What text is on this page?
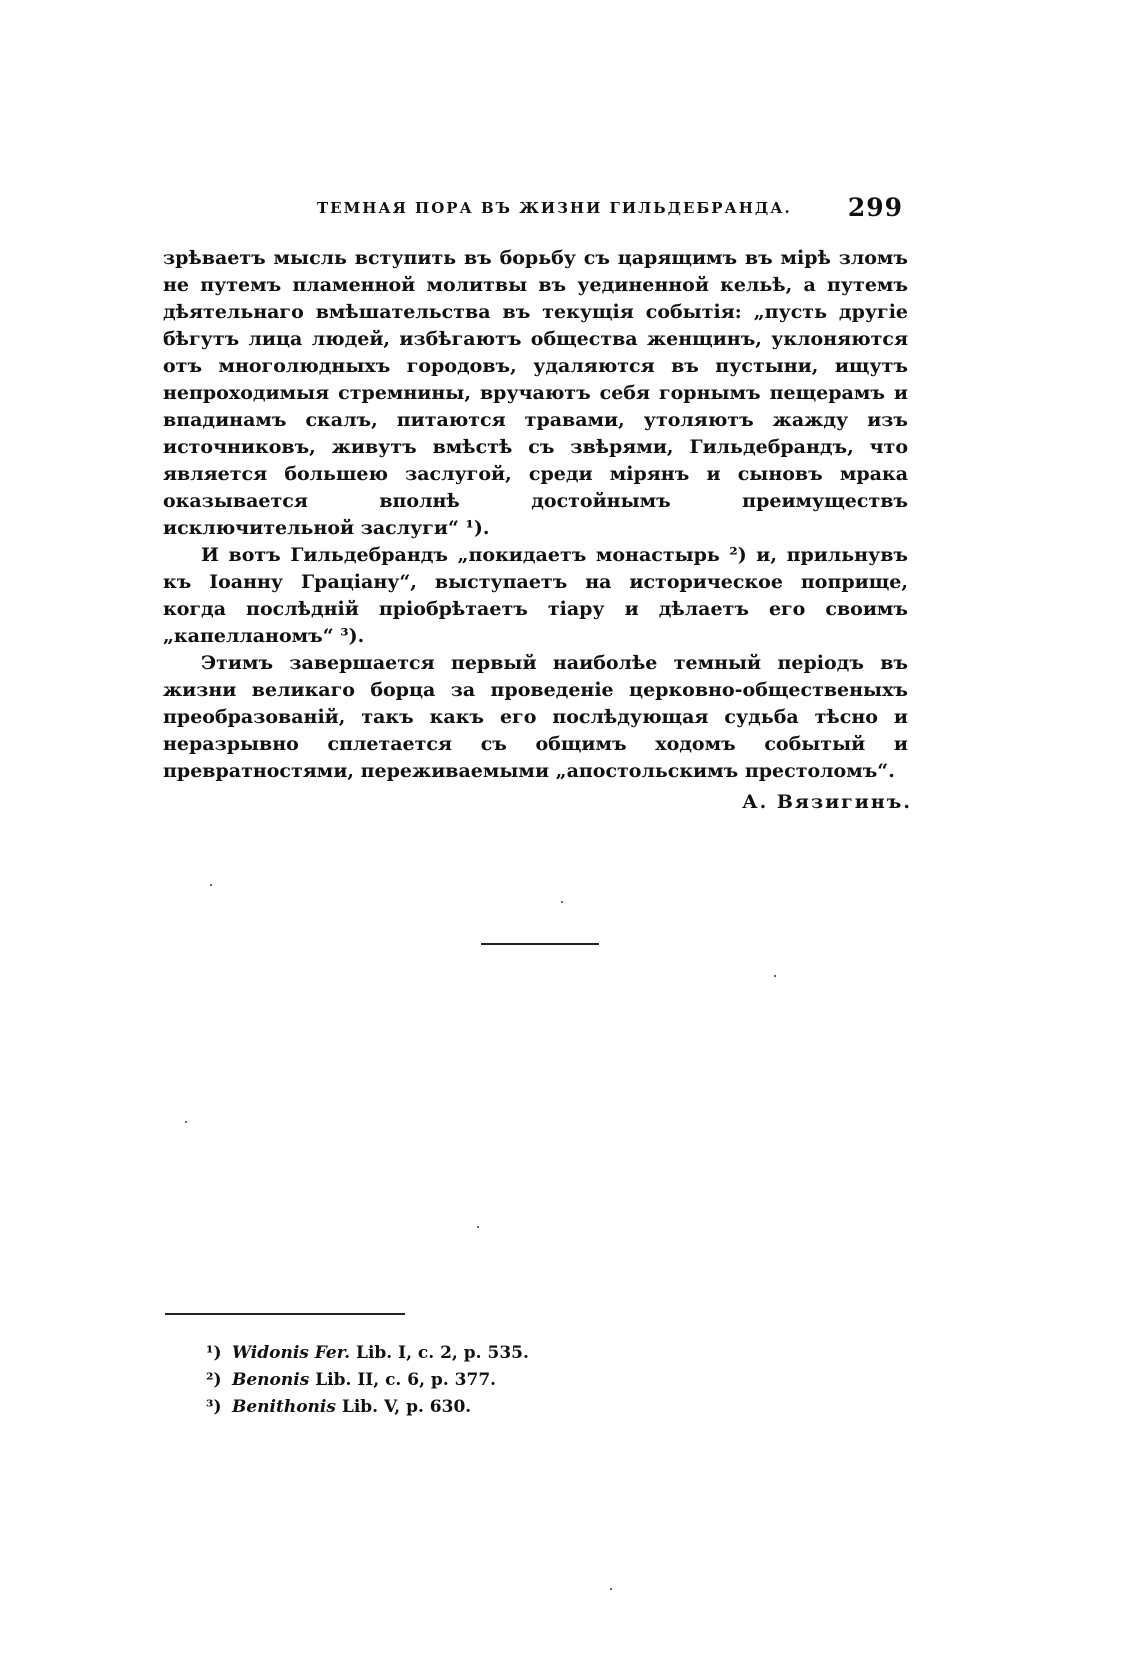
ТЕМНАЯ ПОРА ВЪ ЖИЗНИ ГИЛЬДЕБРАНДА. 299

зрѣваетъ мысль вступить въ борьбу съ царящимъ въ мірѣ зломъ не путемъ пламенной молитвы въ уединенной кельѣ, а путемъ дѣятельнаго вмѣшательства въ текущія событія: „пусть другіе бѣгутъ лица людей, избѣгаютъ общества женщинъ, уклоняются отъ многолюдныхъ городовъ, удаляются въ пустыни, ищутъ непроходимыя стремнины, вручаютъ себя горнымъ пещерамъ и впадинамъ скалъ, питаются травами, утоляютъ жажду изъ источниковъ, живутъ вмѣстѣ съ звѣрями, Гильдебрандъ, что является большею заслугой, среди мірянъ и сыновъ мрака оказывается вполнѣ достойнымъ преимуществъ исключительной заслуги“ ¹).

И вотъ Гильдебрандъ „покидаетъ монастырь ²) и, прильнувъ къ Іоанну Граціану“, выступаетъ на историческое поприще, когда послѣдній пріобрѣтаетъ тіару и дѣлаетъ его своимъ „капелланомъ“ ³).

Этимъ завершается первый наиболѣе темный періодъ въ жизни великаго борца за проведеніе церковно-общественыхъ преобразованій, такъ какъ его послѣдующая судьба тѣсно и неразрывно сплетается съ общимъ ходомъ событый и превратностями, переживаемыми „апостольскимъ престоломъ“.

А. Вязигинъ.
¹) Widonis Fer. Lib. I, c. 2, p. 535.
²) Benonis Lib. II, c. 6, p. 377.
³) Benithonis Lib. V, p. 630.
